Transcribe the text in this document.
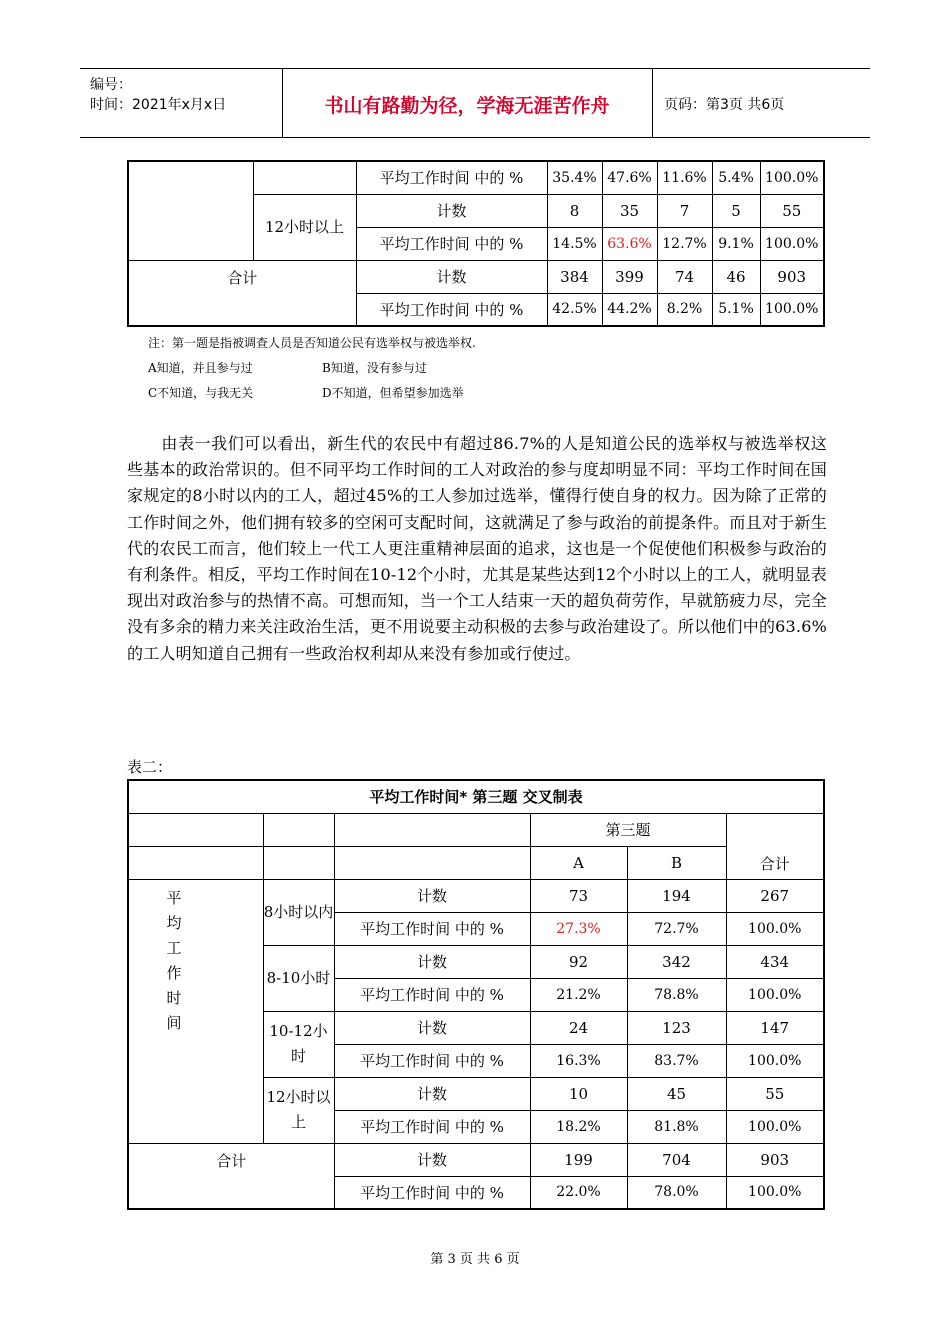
编号：
时间：2021年x月x日	书山有路勤为径，学海无涯苦作舟	页码：第3页 共6页
		平均工作时间 中的 %	35.4%	47.6%	11.6%	5.4%	100.0%
	12小时以上	计数	8	35	7	5	55
		平均工作时间 中的 %	14.5%	63.6%	12.7%	9.1%	100.0%
合计		计数	384	399	74	46	903
		平均工作时间 中的 %	42.5%	44.2%	8.2%	5.1%	100.0%
注：第一题是指被调查人员是否知道公民有选举权与被选举权.
A知道，并且参与过	B知道，没有参与过
C不知道，与我无关	D不知道，但希望参加选举
由表一我们可以看出，新生代的农民中有超过86.7%的人是知道公民的选举权与被选举权这些基本的政治常识的。但不同平均工作时间的工人对政治的参与度却明显不同：平均工作时间在国家规定的8小时以内的工人，超过45%的工人参加过选举，懂得行使自身的权力。因为除了正常的工作时间之外，他们拥有较多的空闲可支配时间，这就满足了参与政治的前提条件。而且对于新生代的农民工而言，他们较上一代工人更注重精神层面的追求，这也是一个促使他们积极参与政治的有利条件。相反，平均工作时间在10-12个小时，尤其是某些达到12个小时以上的工人，就明显表现出对政治参与的热情不高。可想而知，当一个工人结束一天的超负荷劳作，早就筋疲力尽，完全没有多余的精力来关注政治生活，更不用说要主动积极的去参与政治建设了。所以他们中的63.6%的工人明知道自己拥有一些政治权利却从来没有参加或行使过。
表二：
平均工作时间* 第三题 交叉制表					
			第三题		合计
			A	B	

平均工作时间	8小时以内	计数	73	194	267
		平均工作时间 中的 %	27.3%	72.7%	100.0%
	8-10小时	计数	92	342	434
		平均工作时间 中的 %	21.2%	78.8%	100.0%
	10-12小时	计数	24	123	147
		平均工作时间 中的 %	16.3%	83.7%	100.0%
	12小时以上	计数	10	45	55
		平均工作时间 中的 %	18.2%	81.8%	100.0%
合计		计数	199	704	903
		平均工作时间 中的 %	22.0%	78.0%	100.0%
第 3 页 共 6 页
